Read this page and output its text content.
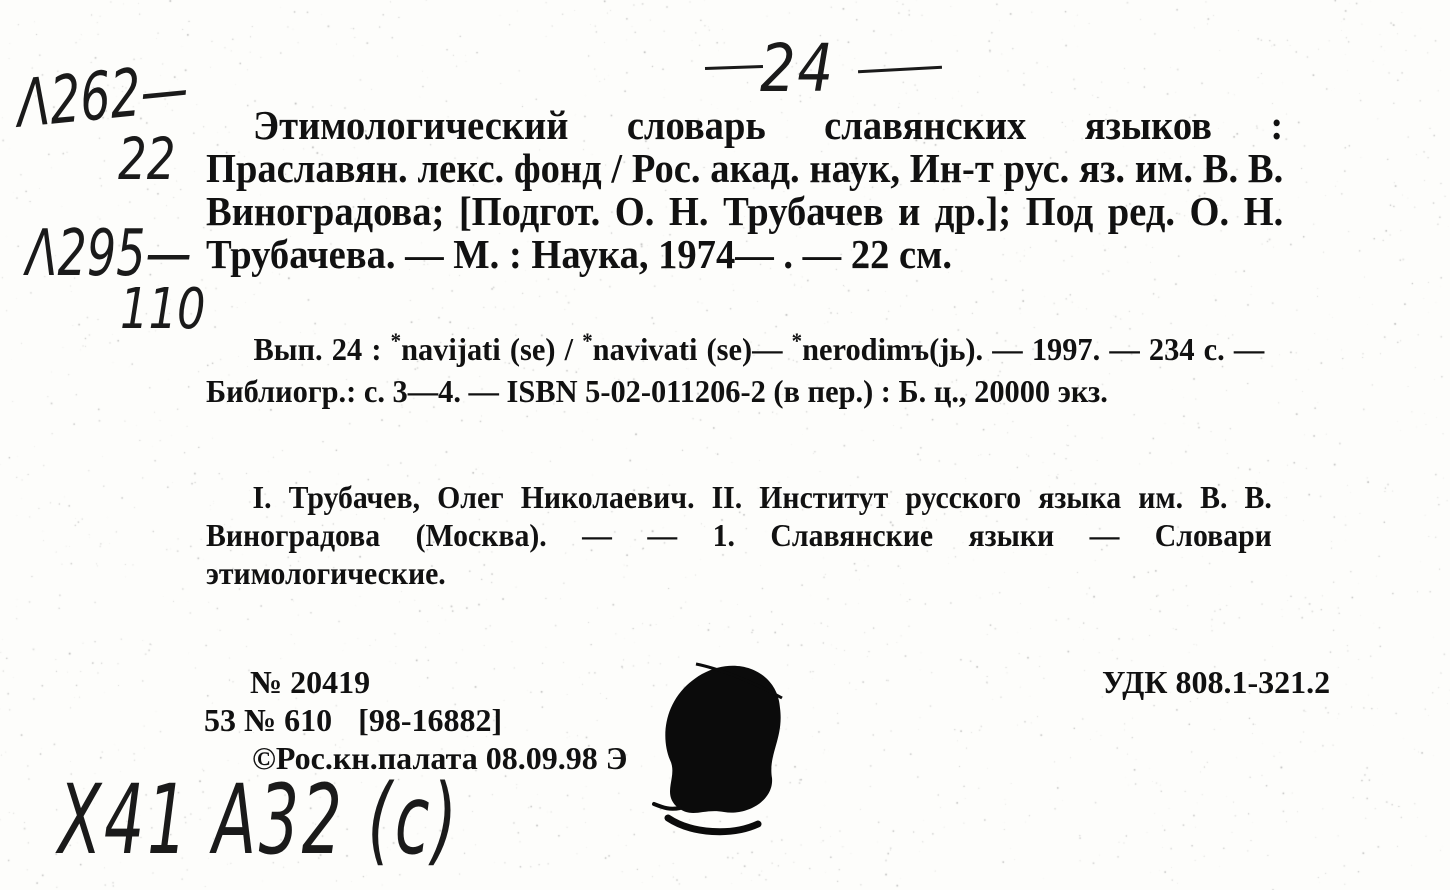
24
Λ262—
22
Λ295—
110
Этимологический словарь славянских языков : Праславян. лекс. фонд / Рос. акад. наук, Ин-т рус. яз. им. В. В. Виноградова; [Подгот. О. Н. Трубачев и др.]; Под ред. О. Н. Трубачева. — М. : Наука, 1974— . — 22 см.
Вып. 24 : *navijati (se) / *navivati (se)— *nerodimъ(jь). — 1997. — 234 с. — Библиогр.: с. 3—4. — ISBN 5-02-011206-2 (в пер.) : Б. ц., 20000 экз.
I. Трубачев, Олег Николаевич. II. Институт русского языка им. В. В. Виноградова (Москва). — — 1. Славянские языки — Словари этимологические.
№ 20419
53 № 610 [98-16882]
©Рос.кн.палата 08.09.98 Э
УДК 808.1-321.2
X41 A32 (c)
